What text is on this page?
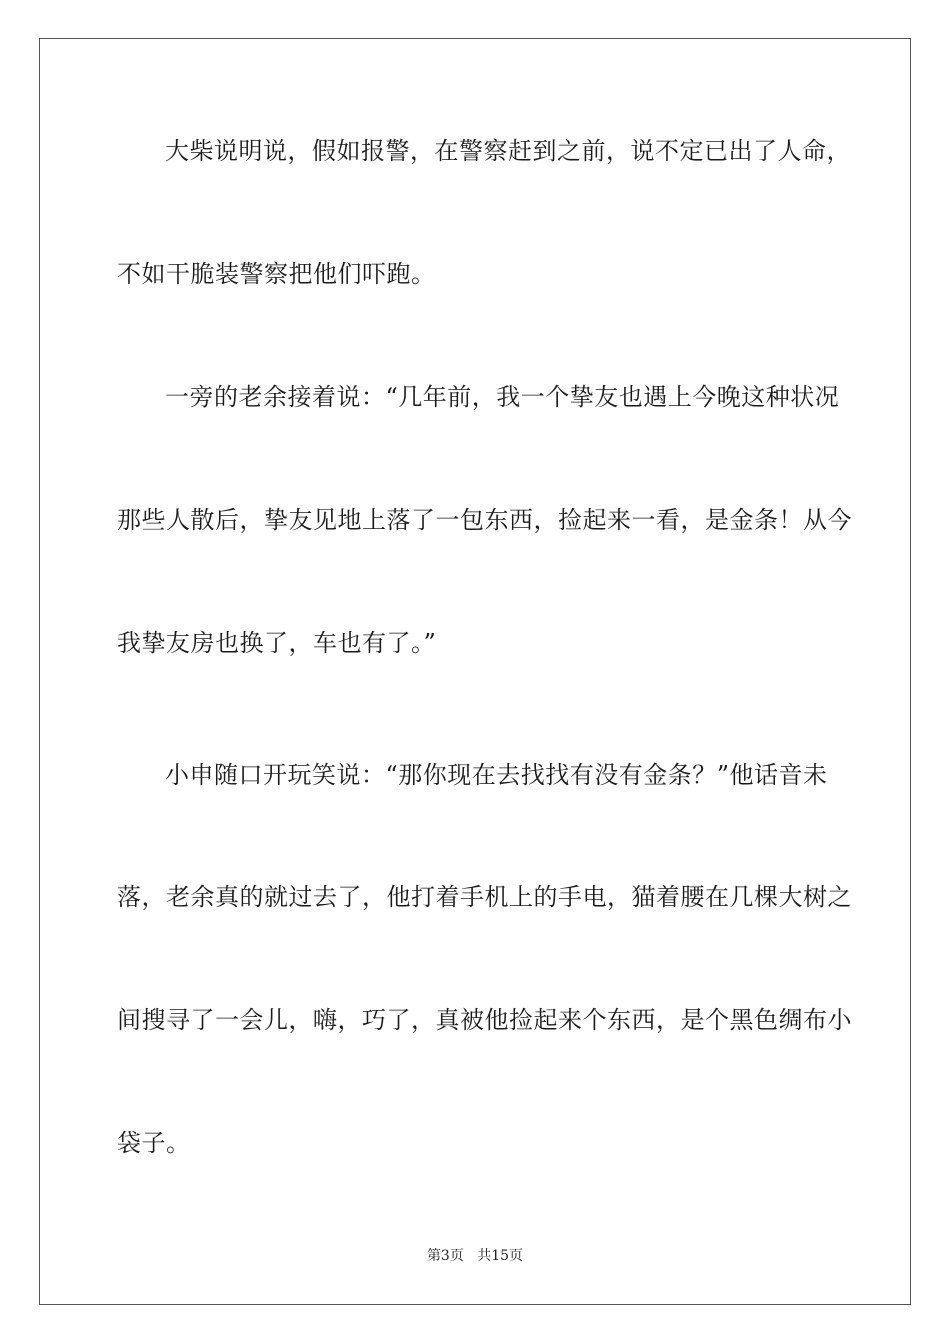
大柴说明说，假如报警，在警察赶到之前，说不定已出了人命，
不如干脆装警察把他们吓跑。
一旁的老余接着说：“几年前，我一个挚友也遇上今晚这种状况
那些人散后，挚友见地上落了一包东西，捡起来一看，是金条！从今
我挚友房也换了，车也有了。”
小申随口开玩笑说：“那你现在去找找有没有金条？”他话音未
落，老余真的就过去了，他打着手机上的手电，猫着腰在几棵大树之
间搜寻了一会儿，嗨，巧了，真被他捡起来个东西，是个黑色绸布小
袋子。
第3页 共15页
